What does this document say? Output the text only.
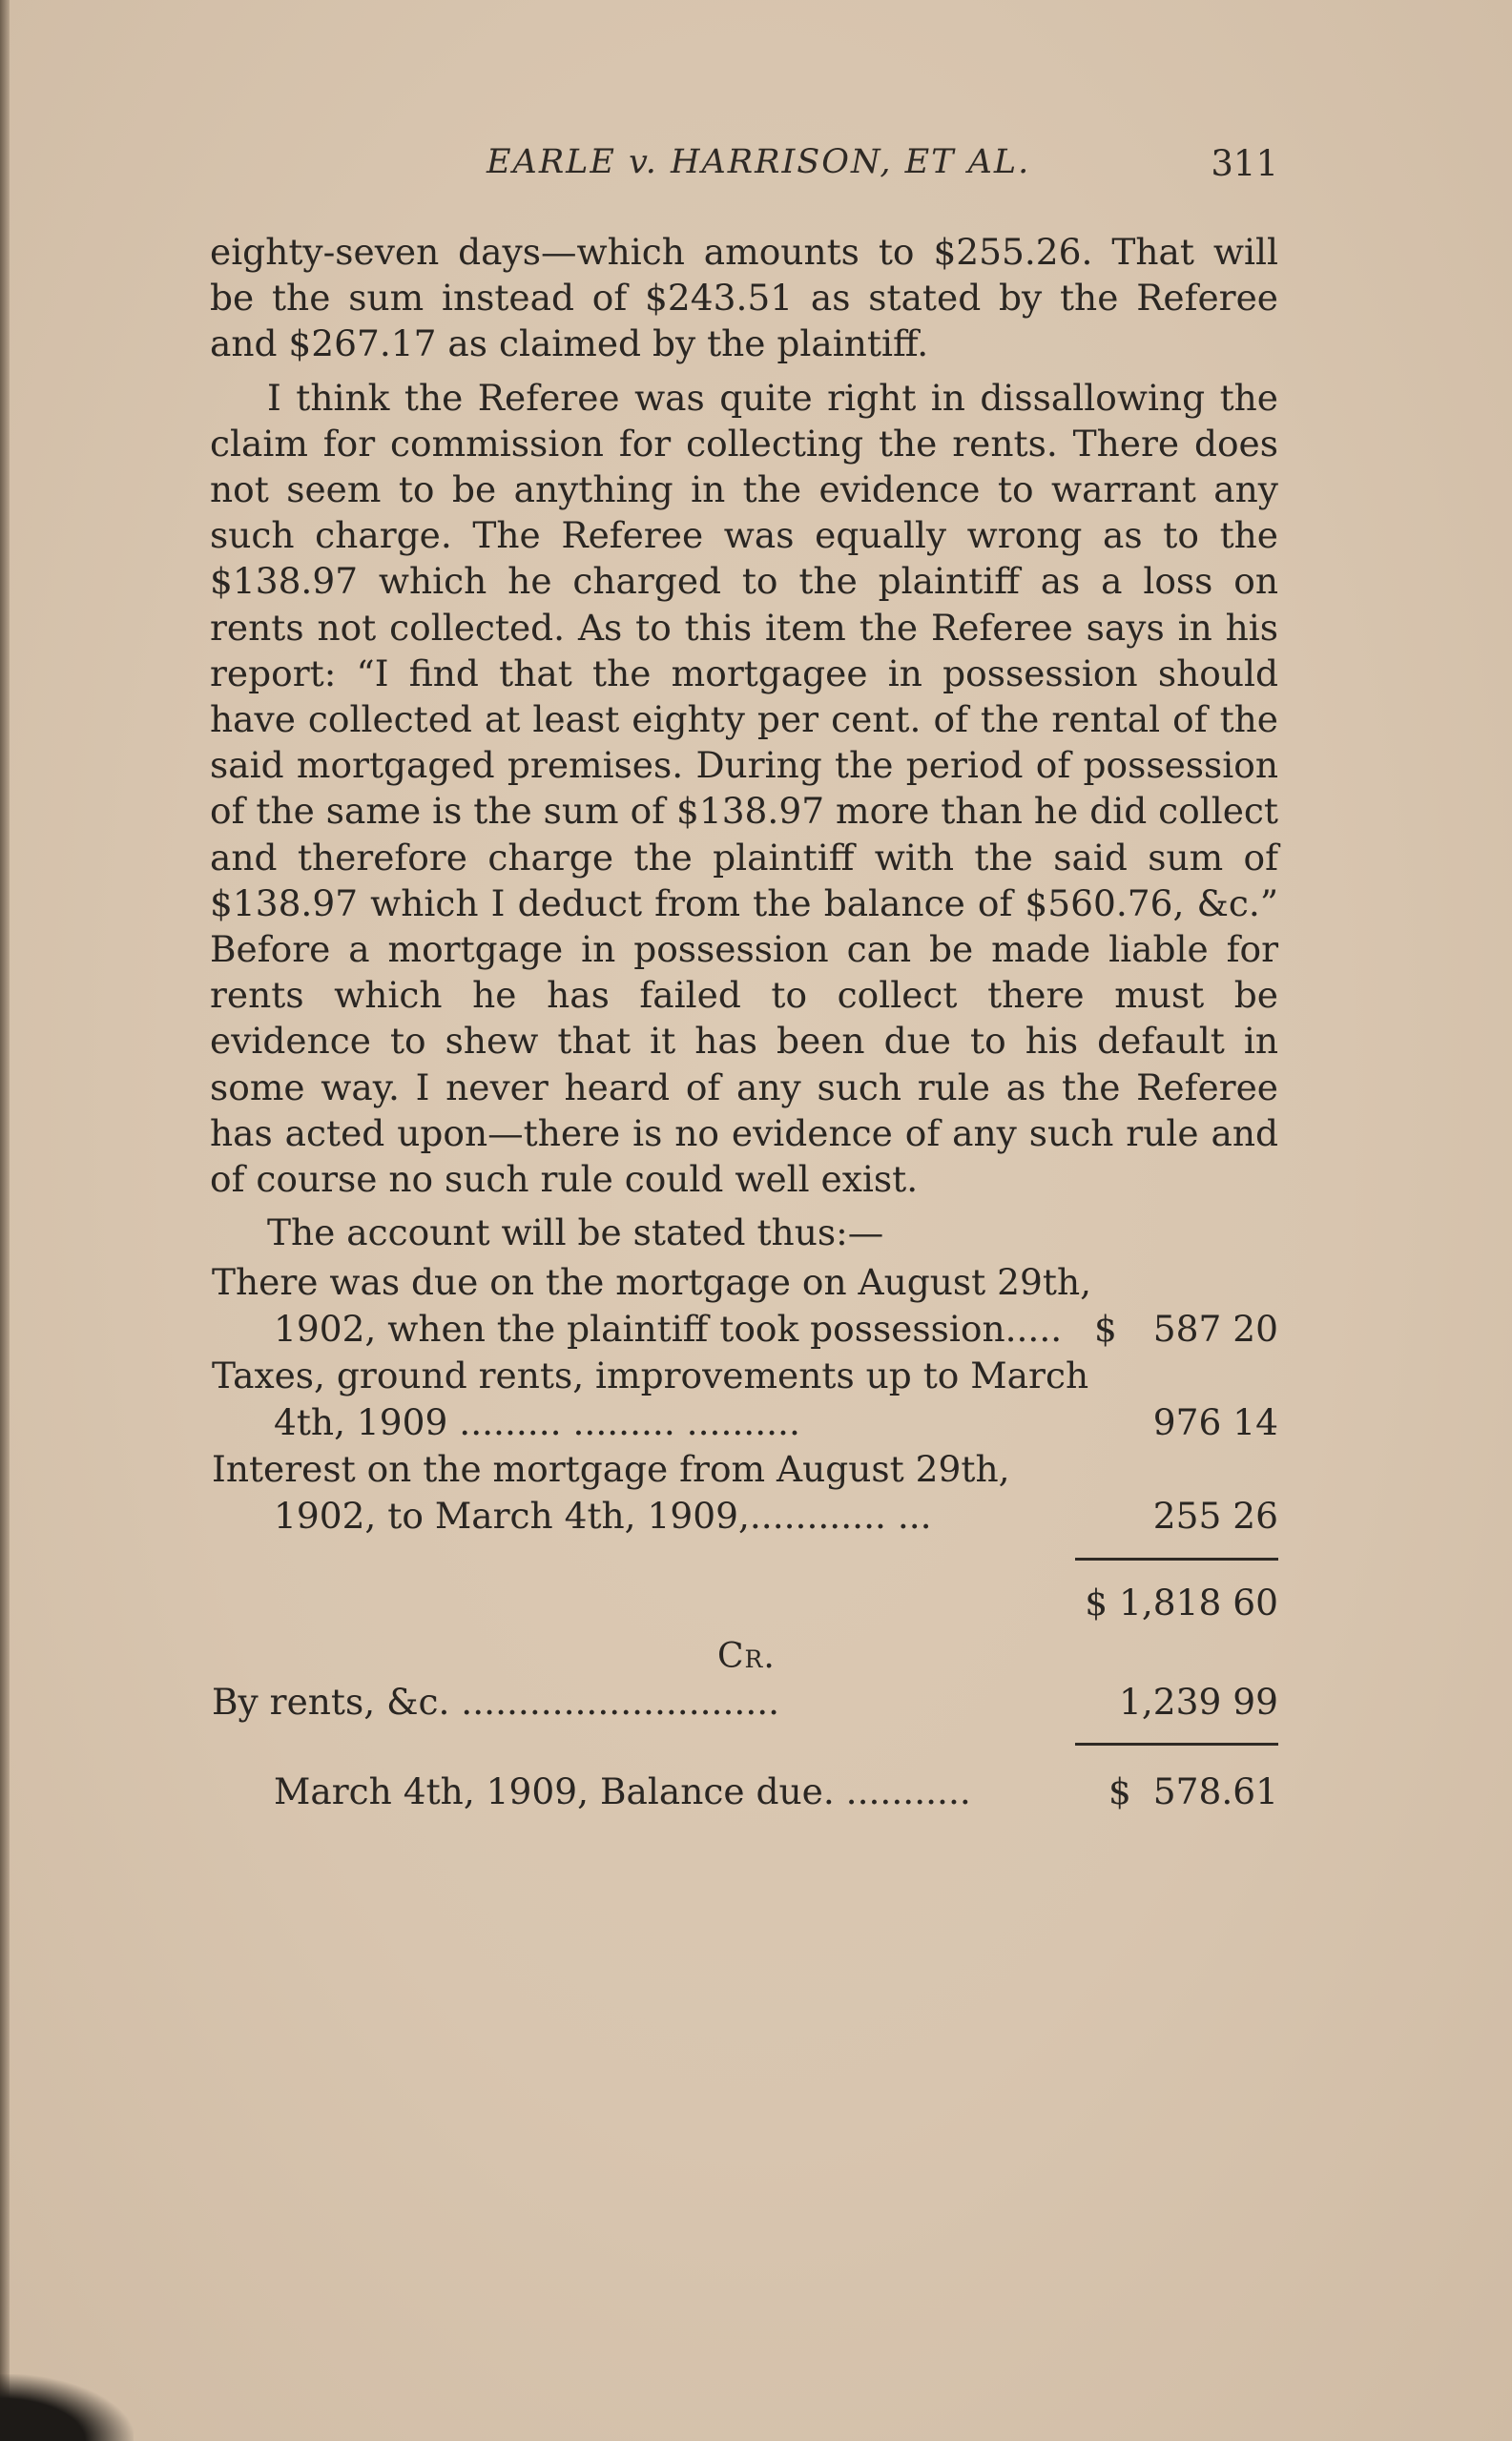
EARLE v. HARRISON, ET AL.	311

eighty-seven days—which amounts to $255.26. That will be the sum instead of $243.51 as stated by the Referee and $267.17 as claimed by the plaintiff.

I think the Referee was quite right in dissallowing the claim for commission for collecting the rents. There does not seem to be anything in the evidence to warrant any such charge. The Referee was equally wrong as to the $138.97 which he charged to the plaintiff as a loss on rents not collected. As to this item the Referee says in his report: “I find that the mortgagee in possession should have collected at least eighty per cent. of the rental of the said mortgaged premises. During the period of possession of the same is the sum of $138.97 more than he did collect and therefore charge the plaintiff with the said sum of $138.97 which I deduct from the balance of $560.76, &c.” Before a mortgage in possession can be made liable for rents which he has failed to collect there must be evidence to shew that it has been due to his default in some way. I never heard of any such rule as the Referee has acted upon—there is no evidence of any such rule and of course no such rule could well exist.

The account will be stated thus:—

There was due on the mortgage on August 29th,
1902, when the plaintiff took possession..... $ 587 20
Taxes, ground rents, improvements up to March
4th, 1909 ......... ......... ..........	976 14
Interest on the mortgage from August 29th,
1902, to March 4th, 1909,............ ...	255 26
$ 1,818 60
Cr.
By rents, &c. ............................	1,239 99
March 4th, 1909, Balance due. ...........	$ 578.61
